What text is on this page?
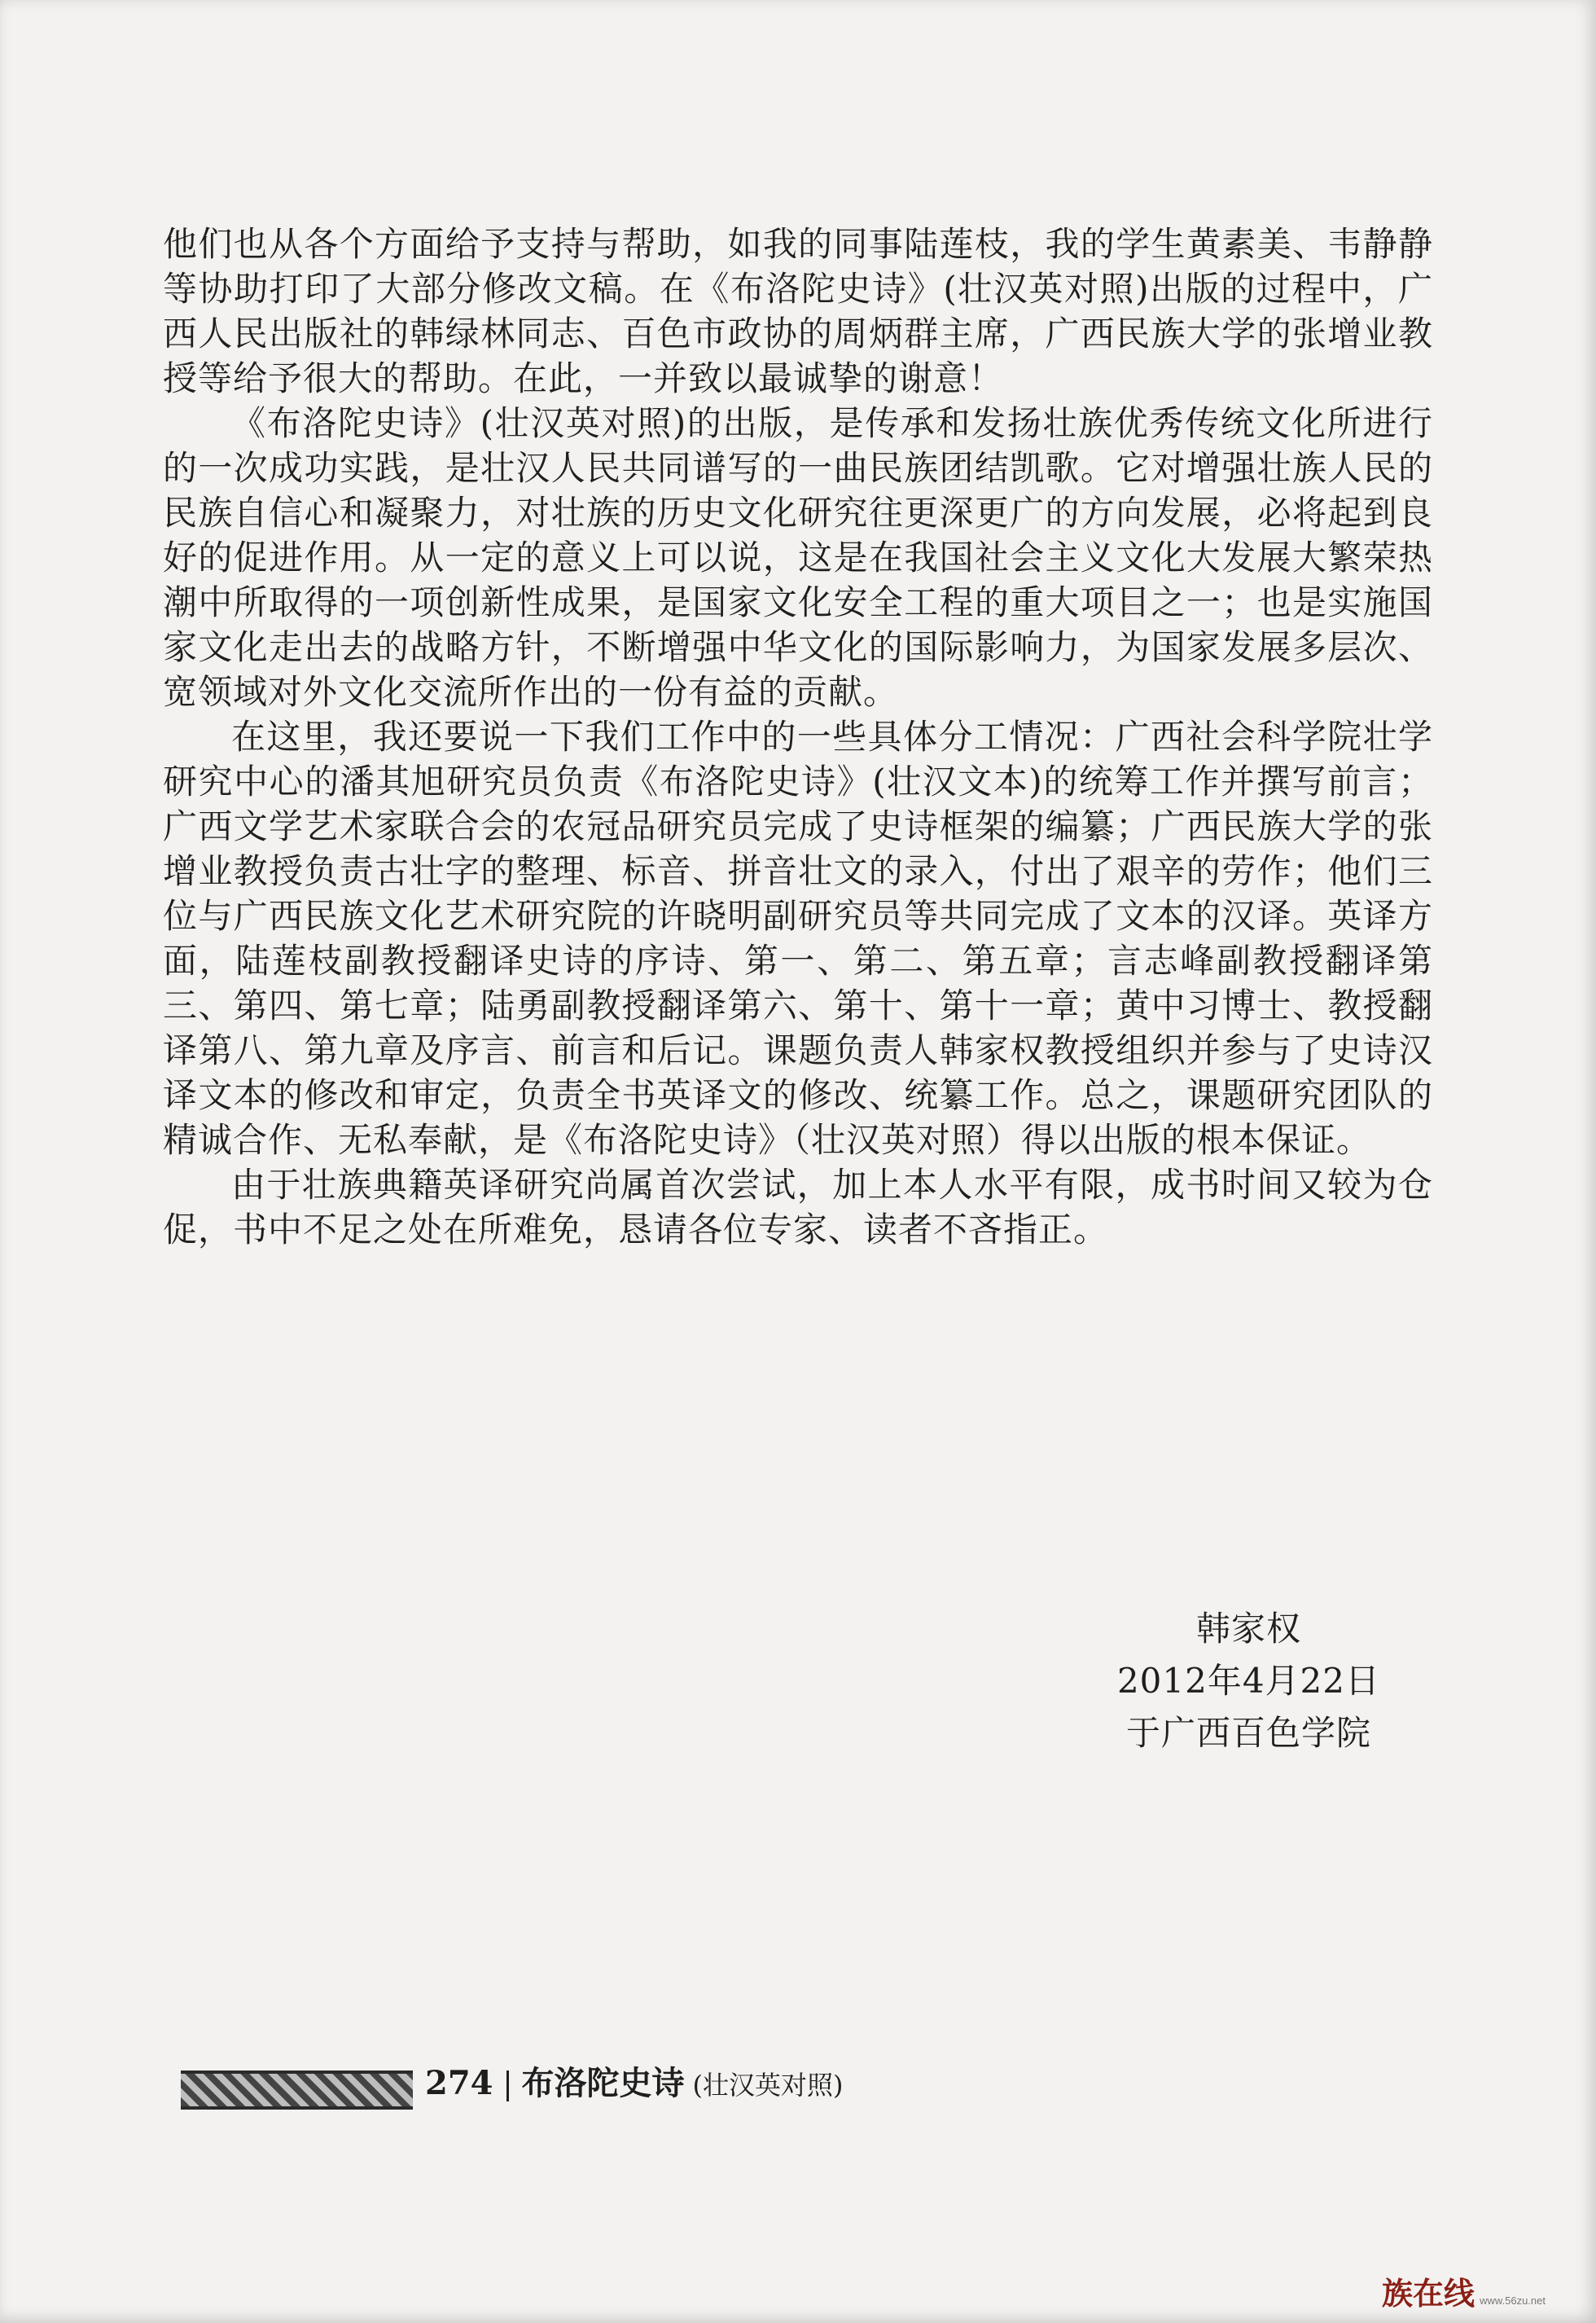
他们也从各个方面给予支持与帮助，如我的同事陆莲枝，我的学生黄素美、韦静静等协助打印了大部分修改文稿。在《布洛陀史诗》(壮汉英对照)出版的过程中，广西人民出版社的韩绿林同志、百色市政协的周炳群主席，广西民族大学的张增业教授等给予很大的帮助。在此，一并致以最诚挚的谢意！

《布洛陀史诗》(壮汉英对照)的出版，是传承和发扬壮族优秀传统文化所进行的一次成功实践，是壮汉人民共同谱写的一曲民族团结凯歌。它对增强壮族人民的民族自信心和凝聚力，对壮族的历史文化研究往更深更广的方向发展，必将起到良好的促进作用。从一定的意义上可以说，这是在我国社会主义文化大发展大繁荣热潮中所取得的一项创新性成果，是国家文化安全工程的重大项目之一；也是实施国家文化走出去的战略方针，不断增强中华文化的国际影响力，为国家发展多层次、宽领域对外文化交流所作出的一份有益的贡献。

在这里，我还要说一下我们工作中的一些具体分工情况：广西社会科学院壮学研究中心的潘其旭研究员负责《布洛陀史诗》(壮汉文本)的统筹工作并撰写前言；广西文学艺术家联合会的农冠品研究员完成了史诗框架的编纂；广西民族大学的张增业教授负责古壮字的整理、标音、拼音壮文的录入，付出了艰辛的劳作；他们三位与广西民族文化艺术研究院的许晓明副研究员等共同完成了文本的汉译。英译方面，陆莲枝副教授翻译史诗的序诗、第一、第二、第五章；言志峰副教授翻译第三、第四、第七章；陆勇副教授翻译第六、第十、第十一章；黄中习博士、教授翻译第八、第九章及序言、前言和后记。课题负责人韩家权教授组织并参与了史诗汉译文本的修改和审定，负责全书英译文的修改、统纂工作。总之，课题研究团队的精诚合作、无私奉献，是《布洛陀史诗》（壮汉英对照）得以出版的根本保证。

由于壮族典籍英译研究尚属首次尝试，加上本人水平有限，成书时间又较为仓促，书中不足之处在所难免，恳请各位专家、读者不吝指正。

韩家权
2012年4月22日
于广西百色学院
274 布洛陀史诗 (壮汉英对照)
族在线 www.56zu.net
